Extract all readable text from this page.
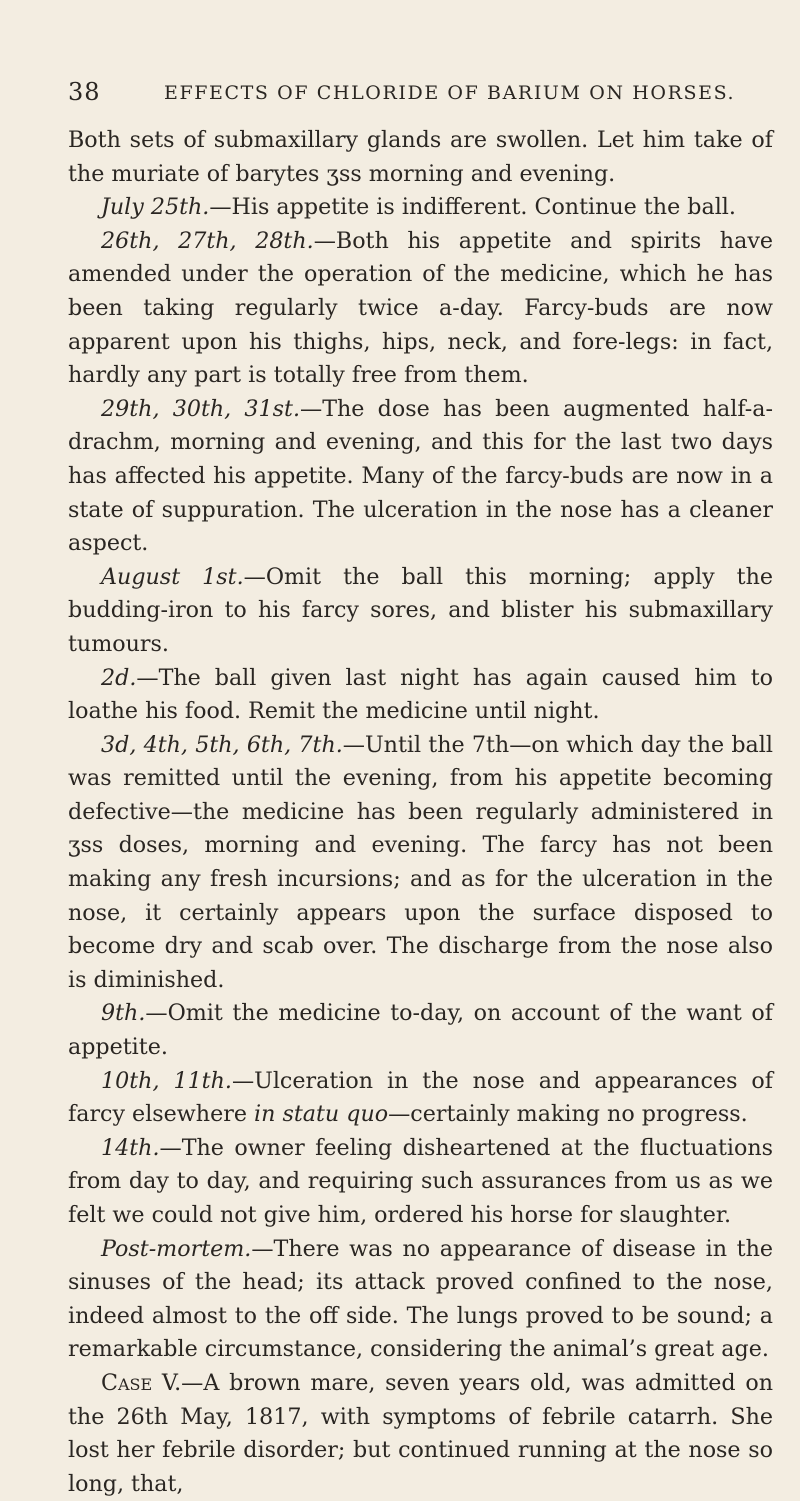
38	EFFECTS OF CHLORIDE OF BARIUM ON HORSES.

Both sets of submaxillary glands are swollen. Let him take of the muriate of barytes ʒss morning and evening.

July 25th.—His appetite is indifferent. Continue the ball.

26th, 27th, 28th.—Both his appetite and spirits have amended under the operation of the medicine, which he has been taking regularly twice a-day. Farcy-buds are now apparent upon his thighs, hips, neck, and fore-legs: in fact, hardly any part is totally free from them.

29th, 30th, 31st.—The dose has been augmented half-a-drachm, morning and evening, and this for the last two days has affected his appetite. Many of the farcy-buds are now in a state of suppuration. The ulceration in the nose has a cleaner aspect.

August 1st.—Omit the ball this morning; apply the budding-iron to his farcy sores, and blister his submaxillary tumours.

2d.—The ball given last night has again caused him to loathe his food. Remit the medicine until night.

3d, 4th, 5th, 6th, 7th.—Until the 7th—on which day the ball was remitted until the evening, from his appetite becoming defective—the medicine has been regularly administered in ʒss doses, morning and evening. The farcy has not been making any fresh incursions; and as for the ulceration in the nose, it certainly appears upon the surface disposed to become dry and scab over. The discharge from the nose also is diminished.

9th.—Omit the medicine to-day, on account of the want of appetite.

10th, 11th.—Ulceration in the nose and appearances of farcy elsewhere in statu quo—certainly making no progress.

14th.—The owner feeling disheartened at the fluctuations from day to day, and requiring such assurances from us as we felt we could not give him, ordered his horse for slaughter.

Post-mortem.—There was no appearance of disease in the sinuses of the head; its attack proved confined to the nose, indeed almost to the off side. The lungs proved to be sound; a remarkable circumstance, considering the animal’s great age.

Case V.—A brown mare, seven years old, was admitted on the 26th May, 1817, with symptoms of febrile catarrh. She lost her febrile disorder; but continued running at the nose so long, that,
